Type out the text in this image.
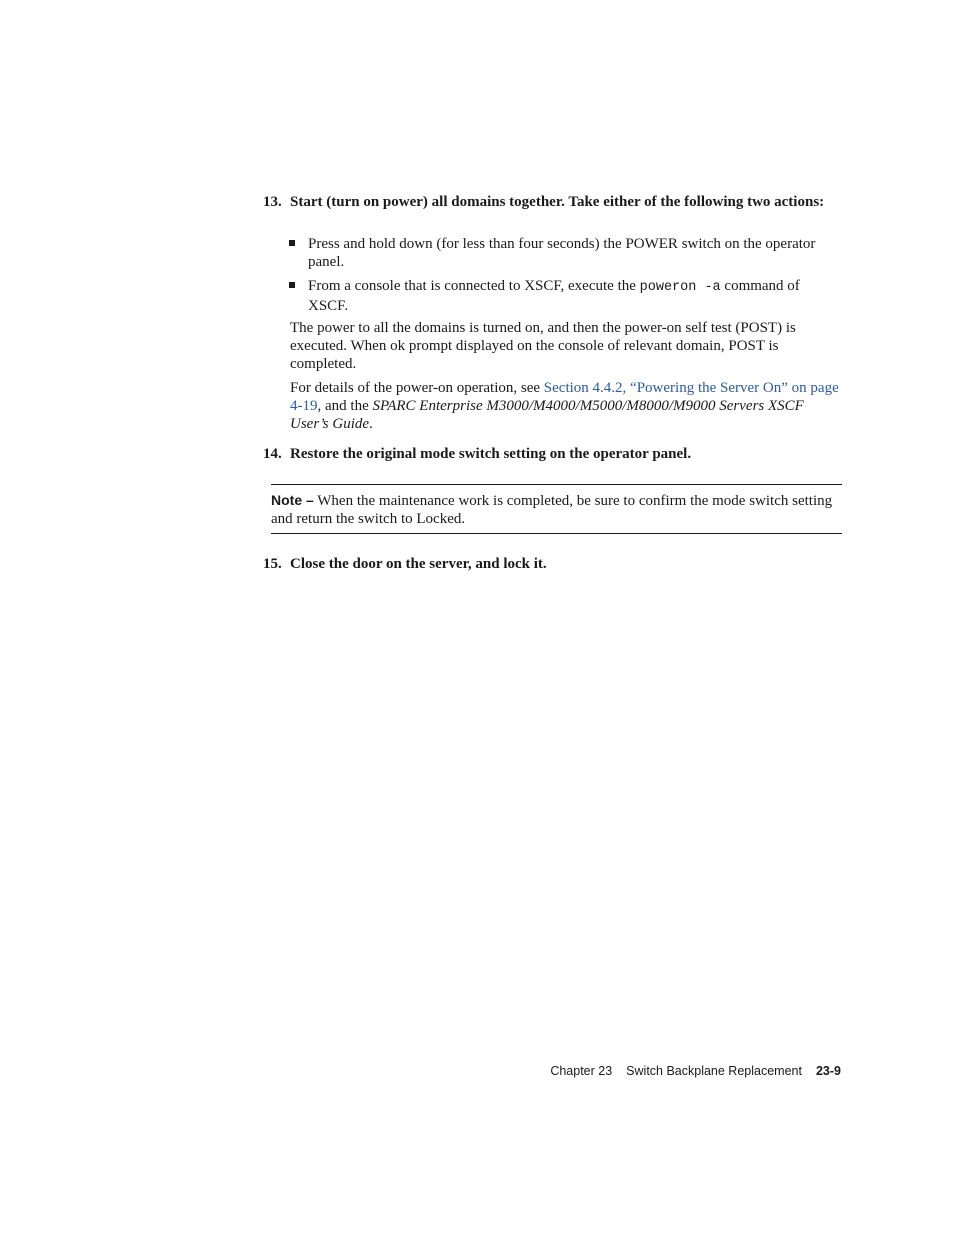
13. Start (turn on power) all domains together. Take either of the following two actions:
Press and hold down (for less than four seconds) the POWER switch on the operator panel.
From a console that is connected to XSCF, execute the poweron -a command of XSCF.
The power to all the domains is turned on, and then the power-on self test (POST) is executed. When ok prompt displayed on the console of relevant domain, POST is completed.
For details of the power-on operation, see Section 4.4.2, “Powering the Server On” on page 4-19, and the SPARC Enterprise M3000/M4000/M5000/M8000/M9000 Servers XSCF User’s Guide.
14. Restore the original mode switch setting on the operator panel.
Note – When the maintenance work is completed, be sure to confirm the mode switch setting and return the switch to Locked.
15. Close the door on the server, and lock it.
Chapter 23 Switch Backplane Replacement 23-9
